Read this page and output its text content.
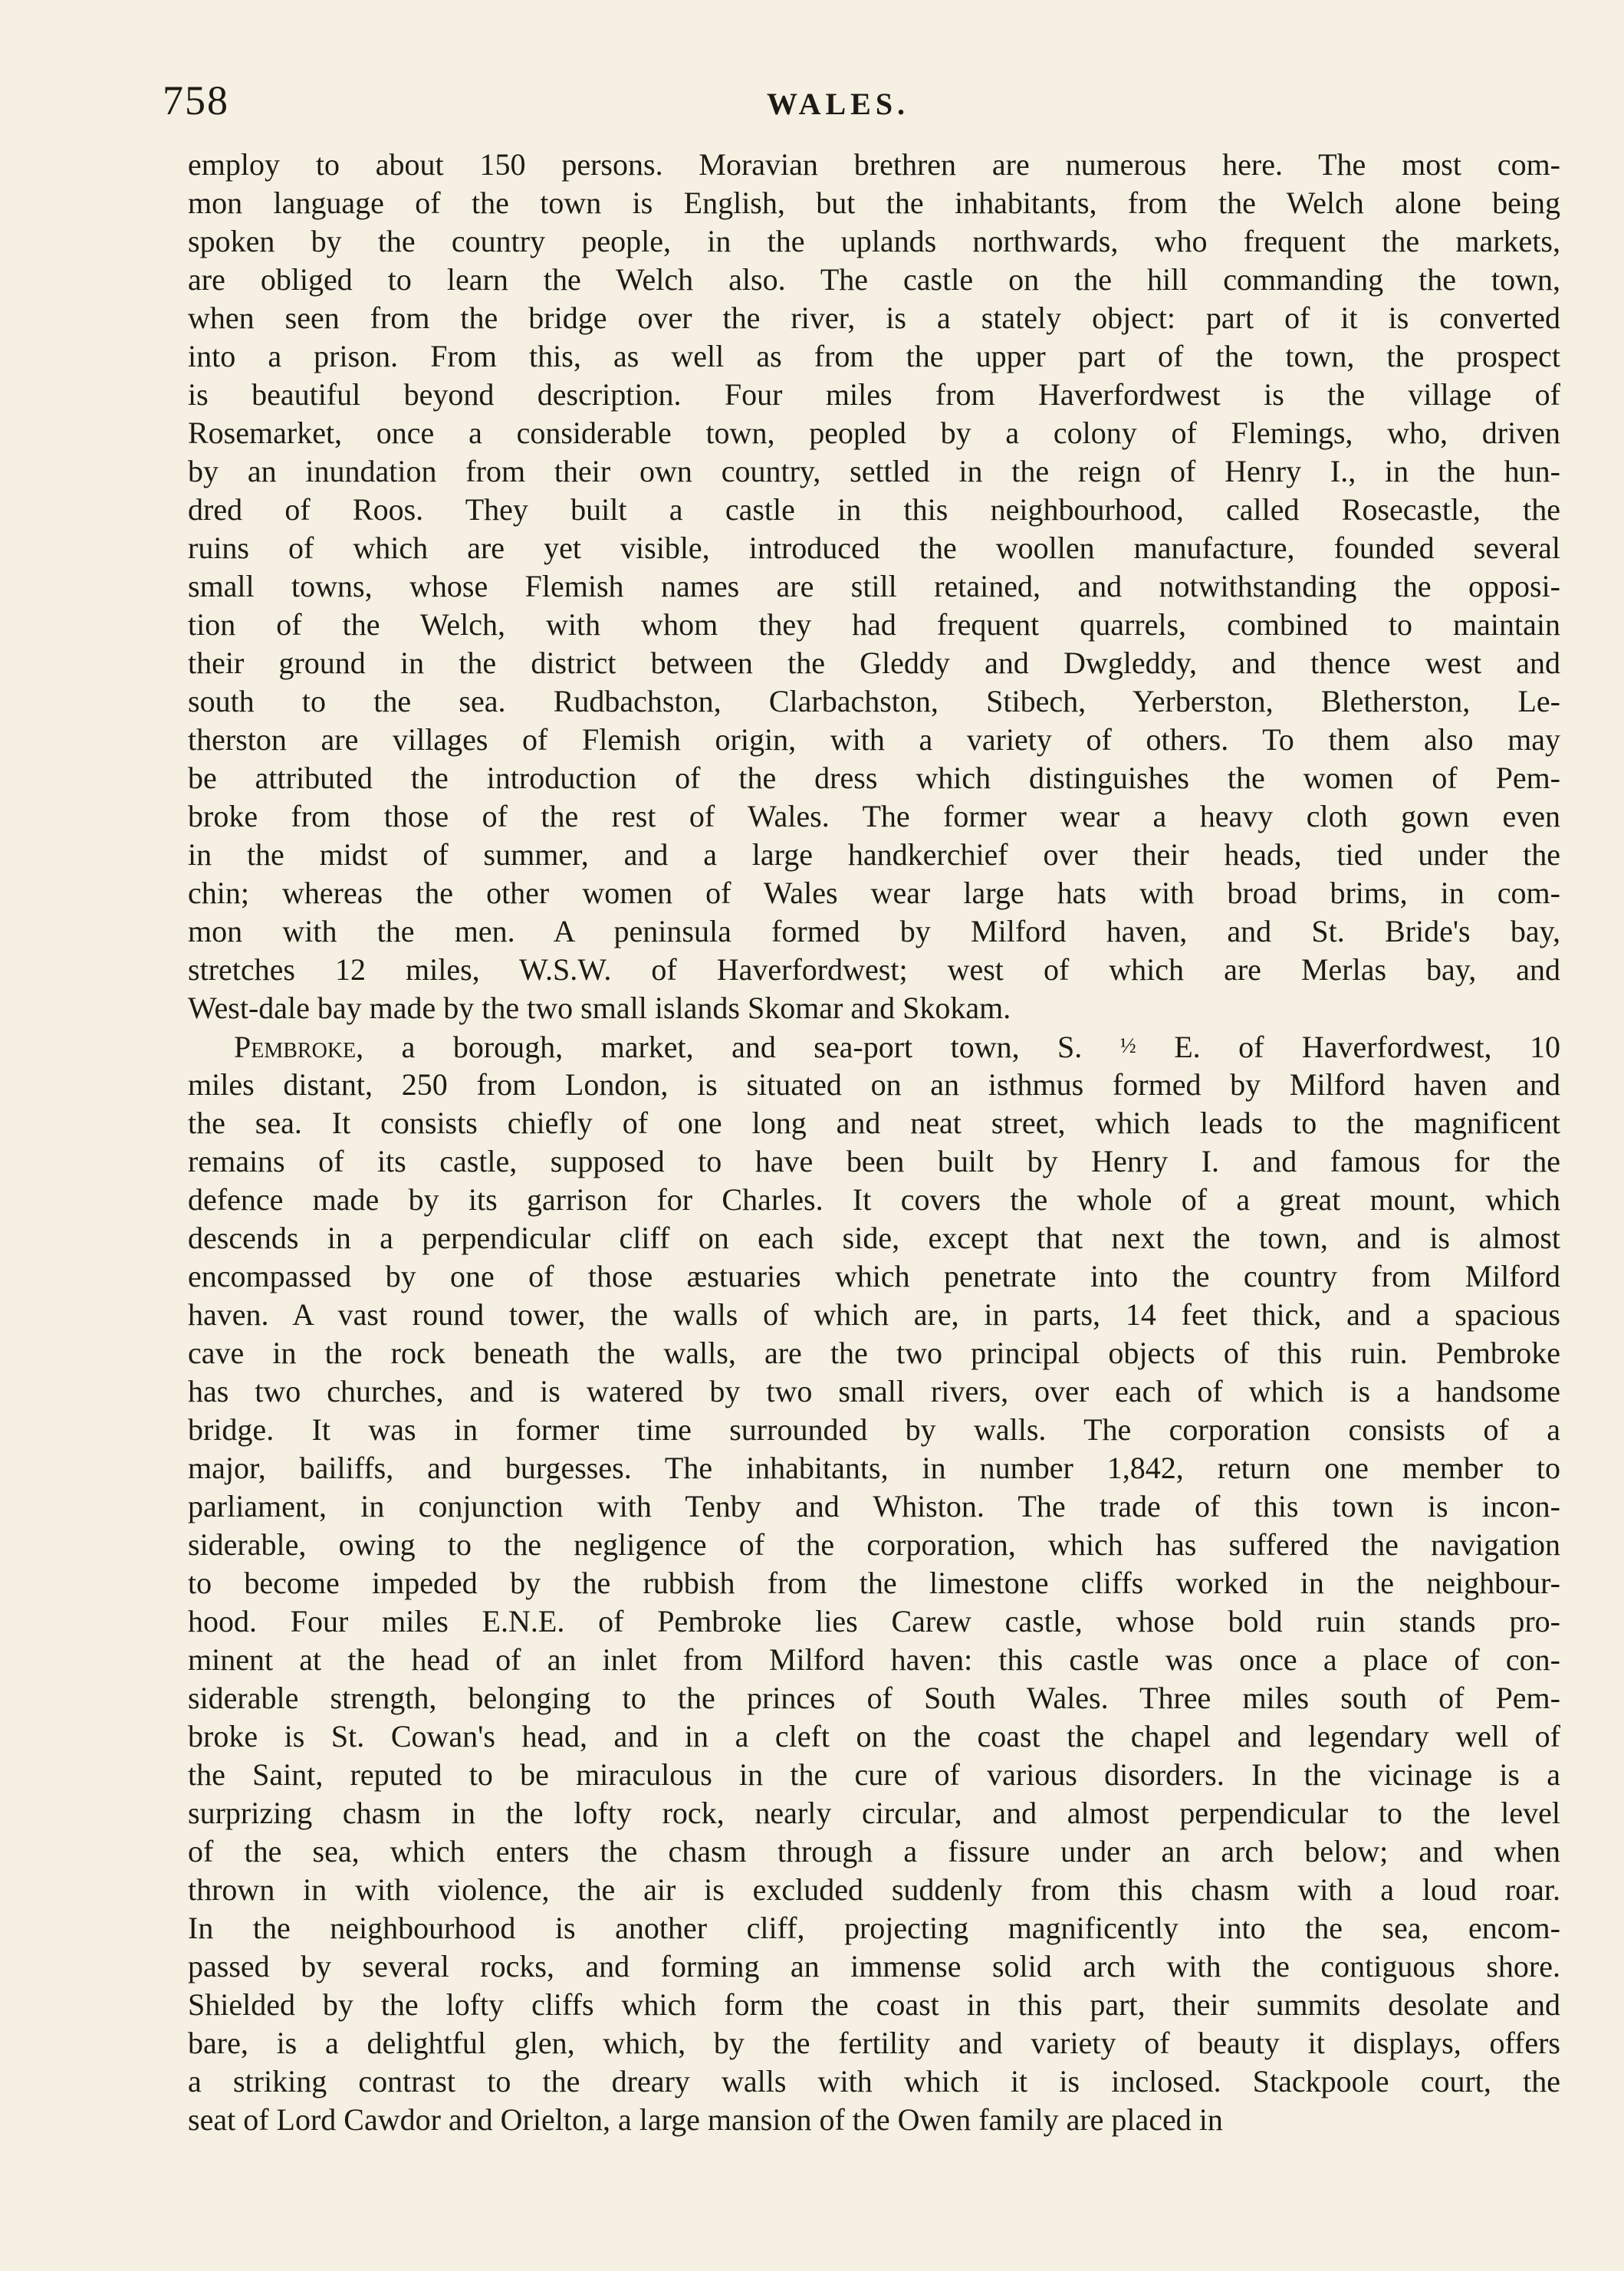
758	WALES.
employ to about 150 persons. Moravian brethren are numerous here. The most com-
mon language of the town is English, but the inhabitants, from the Welch alone being
spoken by the country people, in the uplands northwards, who frequent the markets,
are obliged to learn the Welch also. The castle on the hill commanding the town,
when seen from the bridge over the river, is a stately object: part of it is converted
into a prison. From this, as well as from the upper part of the town, the prospect
is beautiful beyond description. Four miles from Haverfordwest is the village of
Rosemarket, once a considerable town, peopled by a colony of Flemings, who, driven
by an inundation from their own country, settled in the reign of Henry I., in the hun-
dred of Roos. They built a castle in this neighbourhood, called Rosecastle, the
ruins of which are yet visible, introduced the woollen manufacture, founded several
small towns, whose Flemish names are still retained, and notwithstanding the opposi-
tion of the Welch, with whom they had frequent quarrels, combined to maintain
their ground in the district between the Gleddy and Dwgleddy, and thence west and
south to the sea. Rudbachston, Clarbachston, Stibech, Yerberston, Bletherston, Le-
therston are villages of Flemish origin, with a variety of others. To them also may
be attributed the introduction of the dress which distinguishes the women of Pem-
broke from those of the rest of Wales. The former wear a heavy cloth gown even
in the midst of summer, and a large handkerchief over their heads, tied under the
chin; whereas the other women of Wales wear large hats with broad brims, in com-
mon with the men. A peninsula formed by Milford haven, and St. Bride's bay,
stretches 12 miles, W.S.W. of Haverfordwest; west of which are Merlas bay, and
West-dale bay made by the two small islands Skomar and Skokam.
Pembroke, a borough, market, and sea-port town, S. ½ E. of Haverfordwest, 10
miles distant, 250 from London, is situated on an isthmus formed by Milford haven and
the sea. It consists chiefly of one long and neat street, which leads to the magnificent
remains of its castle, supposed to have been built by Henry I. and famous for the
defence made by its garrison for Charles. It covers the whole of a great mount, which
descends in a perpendicular cliff on each side, except that next the town, and is almost
encompassed by one of those æstuaries which penetrate into the country from Milford
haven. A vast round tower, the walls of which are, in parts, 14 feet thick, and a spacious
cave in the rock beneath the walls, are the two principal objects of this ruin. Pembroke
has two churches, and is watered by two small rivers, over each of which is a handsome
bridge. It was in former time surrounded by walls. The corporation consists of a
major, bailiffs, and burgesses. The inhabitants, in number 1,842, return one member to
parliament, in conjunction with Tenby and Whiston. The trade of this town is incon-
siderable, owing to the negligence of the corporation, which has suffered the navigation
to become impeded by the rubbish from the limestone cliffs worked in the neighbour-
hood. Four miles E.N.E. of Pembroke lies Carew castle, whose bold ruin stands pro-
minent at the head of an inlet from Milford haven: this castle was once a place of con-
siderable strength, belonging to the princes of South Wales. Three miles south of Pem-
broke is St. Cowan's head, and in a cleft on the coast the chapel and legendary well of
the Saint, reputed to be miraculous in the cure of various disorders. In the vicinage is a
surprizing chasm in the lofty rock, nearly circular, and almost perpendicular to the level
of the sea, which enters the chasm through a fissure under an arch below; and when
thrown in with violence, the air is excluded suddenly from this chasm with a loud roar.
In the neighbourhood is another cliff, projecting magnificently into the sea, encom-
passed by several rocks, and forming an immense solid arch with the contiguous shore.
Shielded by the lofty cliffs which form the coast in this part, their summits desolate and
bare, is a delightful glen, which, by the fertility and variety of beauty it displays, offers
a striking contrast to the dreary walls with which it is inclosed. Stackpoole court, the
seat of Lord Cawdor and Orielton, a large mansion of the Owen family are placed in
